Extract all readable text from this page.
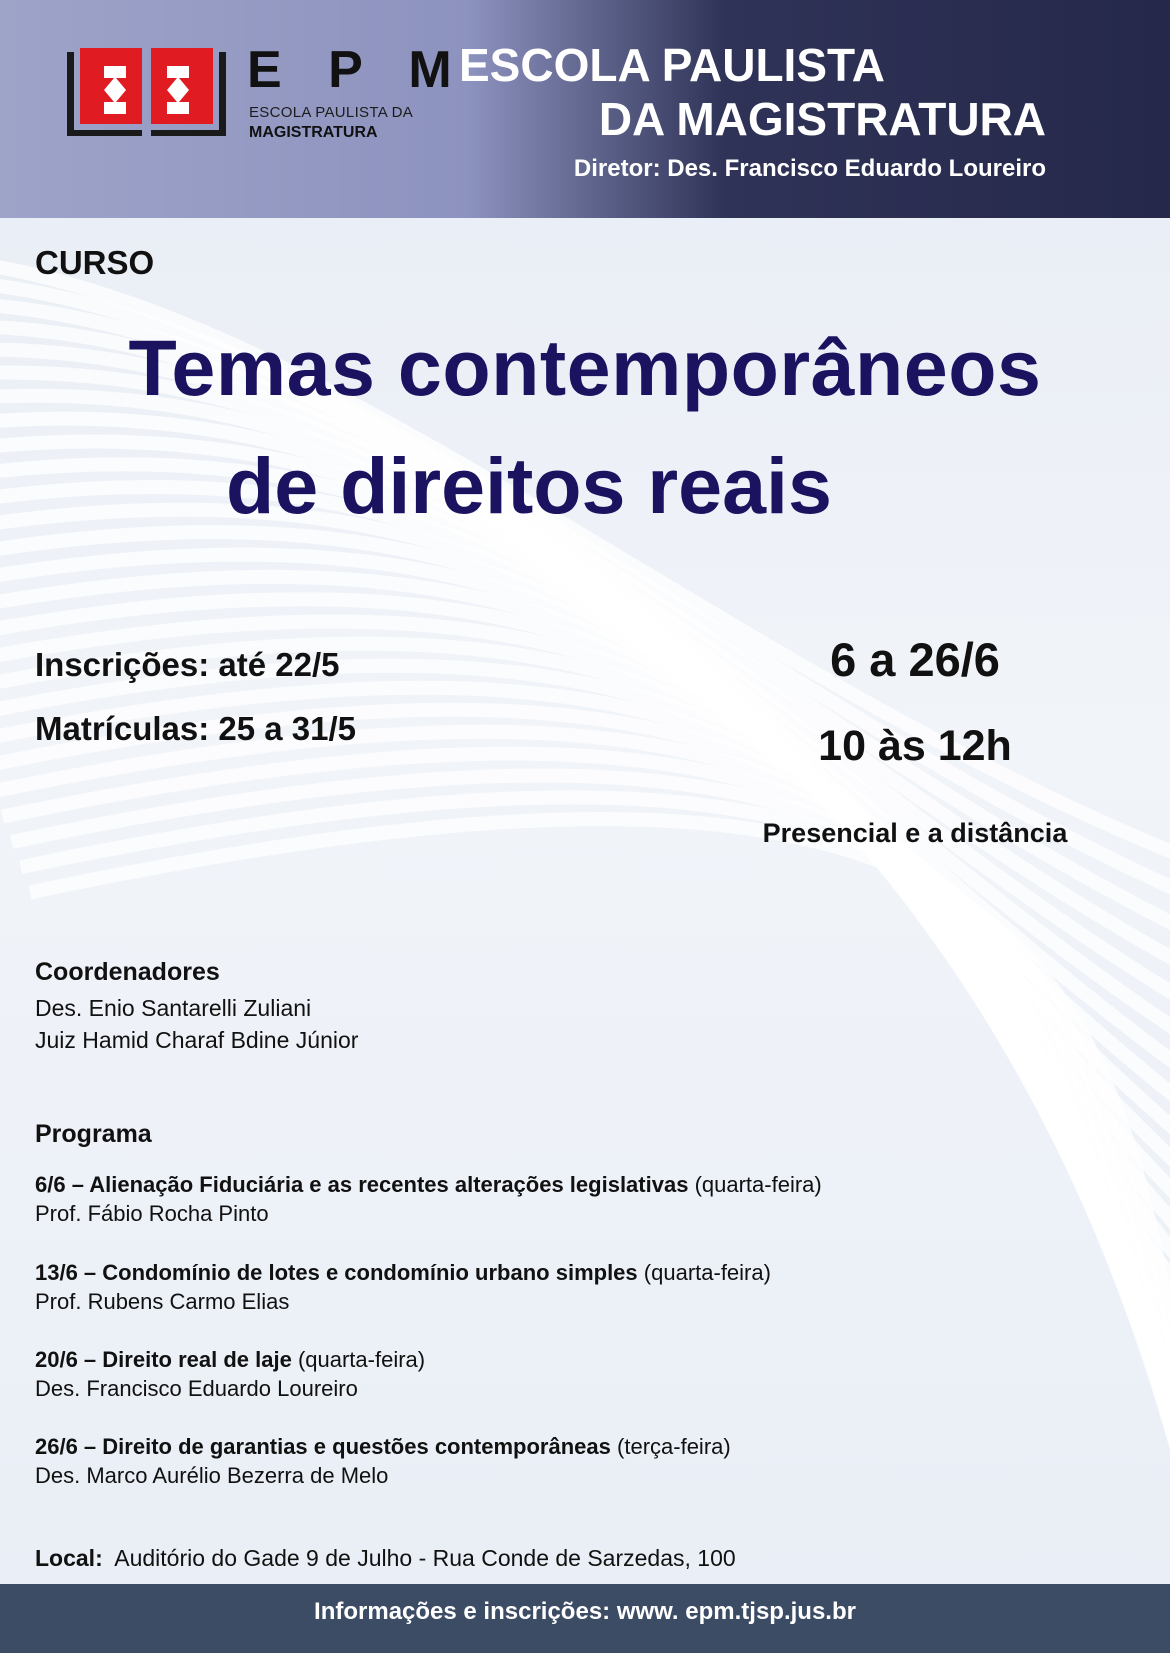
E P M
ESCOLA PAULISTA DA
MAGISTRATURA
ESCOLA PAULISTA
DA MAGISTRATURA
Diretor: Des. Francisco Eduardo Loureiro
CURSO
Temas contemporâneos
de direitos reais
Inscrições: até 22/5
Matrículas: 25 a 31/5
6 a 26/6
10 às 12h
Presencial e a distância
Coordenadores
Des. Enio Santarelli Zuliani
Juiz Hamid Charaf Bdine Júnior
Programa
6/6 – Alienação Fiduciária e as recentes alterações legislativas (quarta-feira)
Prof. Fábio Rocha Pinto
13/6 – Condomínio de lotes e condomínio urbano simples (quarta-feira)
Prof. Rubens Carmo Elias
20/6 – Direito real de laje (quarta-feira)
Des. Francisco Eduardo Loureiro
26/6 – Direito de garantias e questões contemporâneas (terça-feira)
Des. Marco Aurélio Bezerra de Melo
Local: Auditório do Gade 9 de Julho - Rua Conde de Sarzedas, 100
Informações e inscrições: www. epm.tjsp.jus.br
